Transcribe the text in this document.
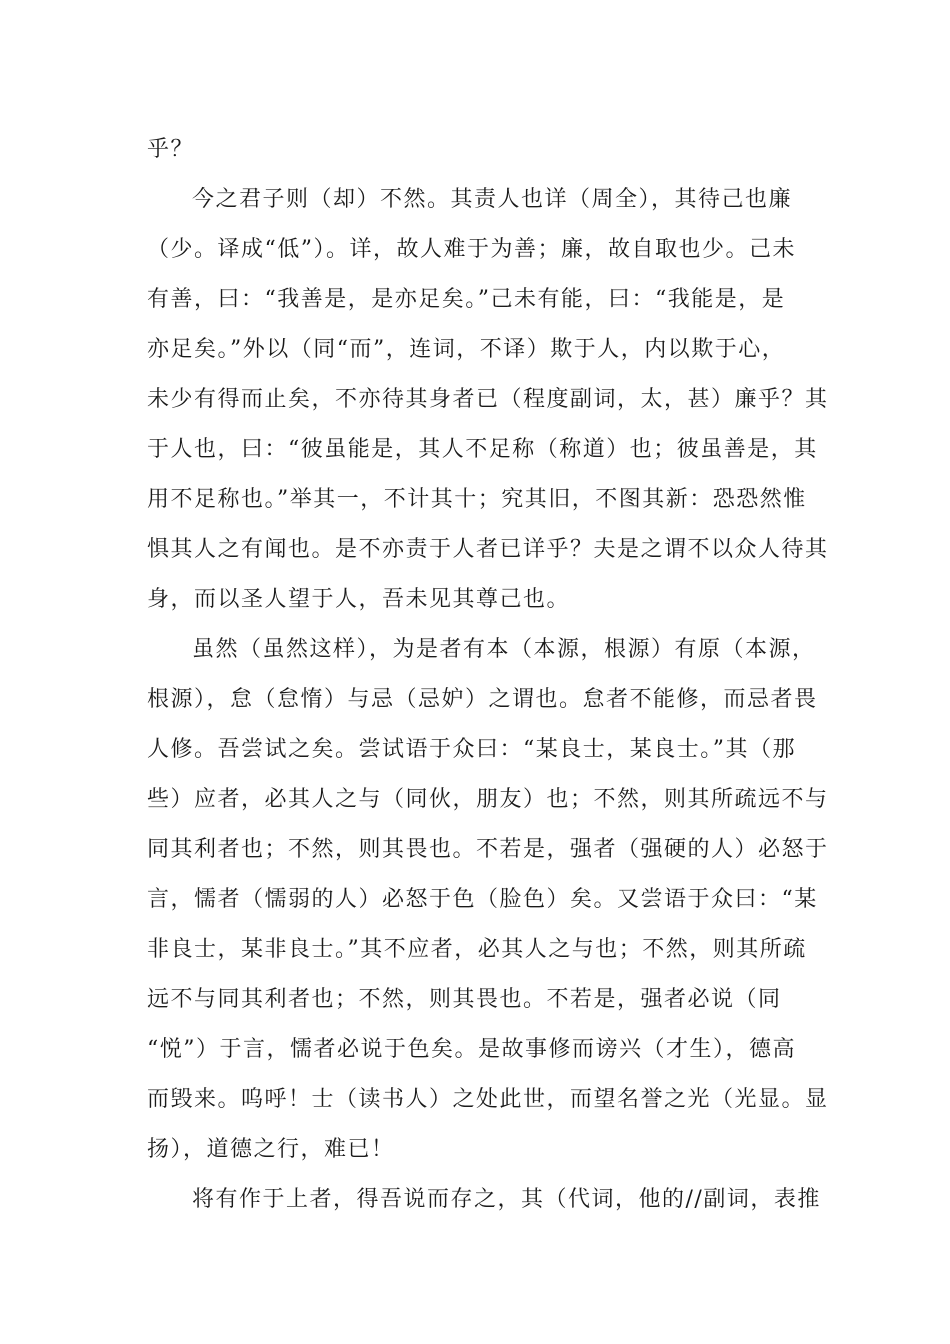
乎？
今之君子则（却）不然。其责人也详（周全），其待己也廉
（少。译成“低”）。详，故人难于为善；廉，故自取也少。己未
有善，曰：“我善是，是亦足矣。”己未有能，曰：“我能是，是
亦足矣。”外以（同“而”，连词，不译）欺于人，内以欺于心，
未少有得而止矣，不亦待其身者已（程度副词，太，甚）廉乎？其
于人也，曰：“彼虽能是，其人不足称（称道）也；彼虽善是，其
用不足称也。”举其一，不计其十；究其旧，不图其新：恐恐然惟
惧其人之有闻也。是不亦责于人者已详乎？夫是之谓不以众人待其
身，而以圣人望于人，吾未见其尊己也。
虽然（虽然这样），为是者有本（本源，根源）有原（本源，
根源），怠（怠惰）与忌（忌妒）之谓也。怠者不能修，而忌者畏
人修。吾尝试之矣。尝试语于众曰：“某良士，某良士。”其（那
些）应者，必其人之与（同伙，朋友）也；不然，则其所疏远不与
同其利者也；不然，则其畏也。不若是，强者（强硬的人）必怒于
言，懦者（懦弱的人）必怒于色（脸色）矣。又尝语于众曰：“某
非良士，某非良士。”其不应者，必其人之与也；不然，则其所疏
远不与同其利者也；不然，则其畏也。不若是，强者必说（同
“悦”）于言，懦者必说于色矣。是故事修而谤兴（才生），德高
而毁来。呜呼！士（读书人）之处此世，而望名誉之光（光显。显
扬），道德之行，难已！
将有作于上者，得吾说而存之，其（代词，他的//副词，表推
